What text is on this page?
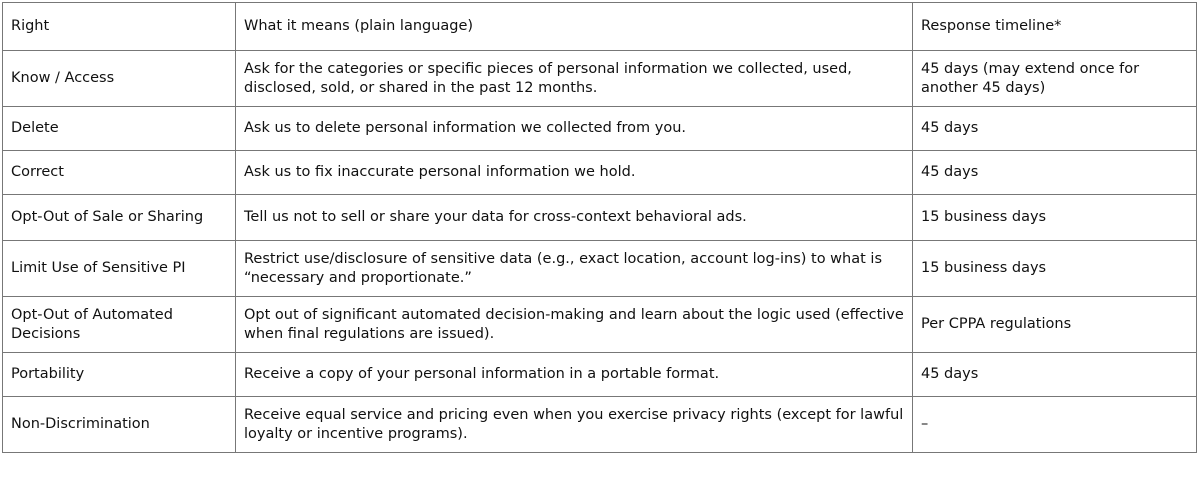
Right	What it means (plain language)	Response timeline*
Know / Access	Ask for the categories or specific pieces of personal information we collected, used, disclosed, sold, or shared in the past 12 months.	45 days (may extend once for another 45 days)
Delete	Ask us to delete personal information we collected from you.	45 days
Correct	Ask us to fix inaccurate personal information we hold.	45 days
Opt-Out of Sale or Sharing	Tell us not to sell or share your data for cross-context behavioral ads.	15 business days
Limit Use of Sensitive PI	Restrict use/disclosure of sensitive data (e.g., exact location, account log-ins) to what is “necessary and proportionate.”	15 business days
Opt-Out of Automated Decisions	Opt out of significant automated decision-making and learn about the logic used (effective when final regulations are issued).	Per CPPA regulations
Portability	Receive a copy of your personal information in a portable format.	45 days
Non-Discrimination	Receive equal service and pricing even when you exercise privacy rights (except for lawful loyalty or incentive programs).	–
